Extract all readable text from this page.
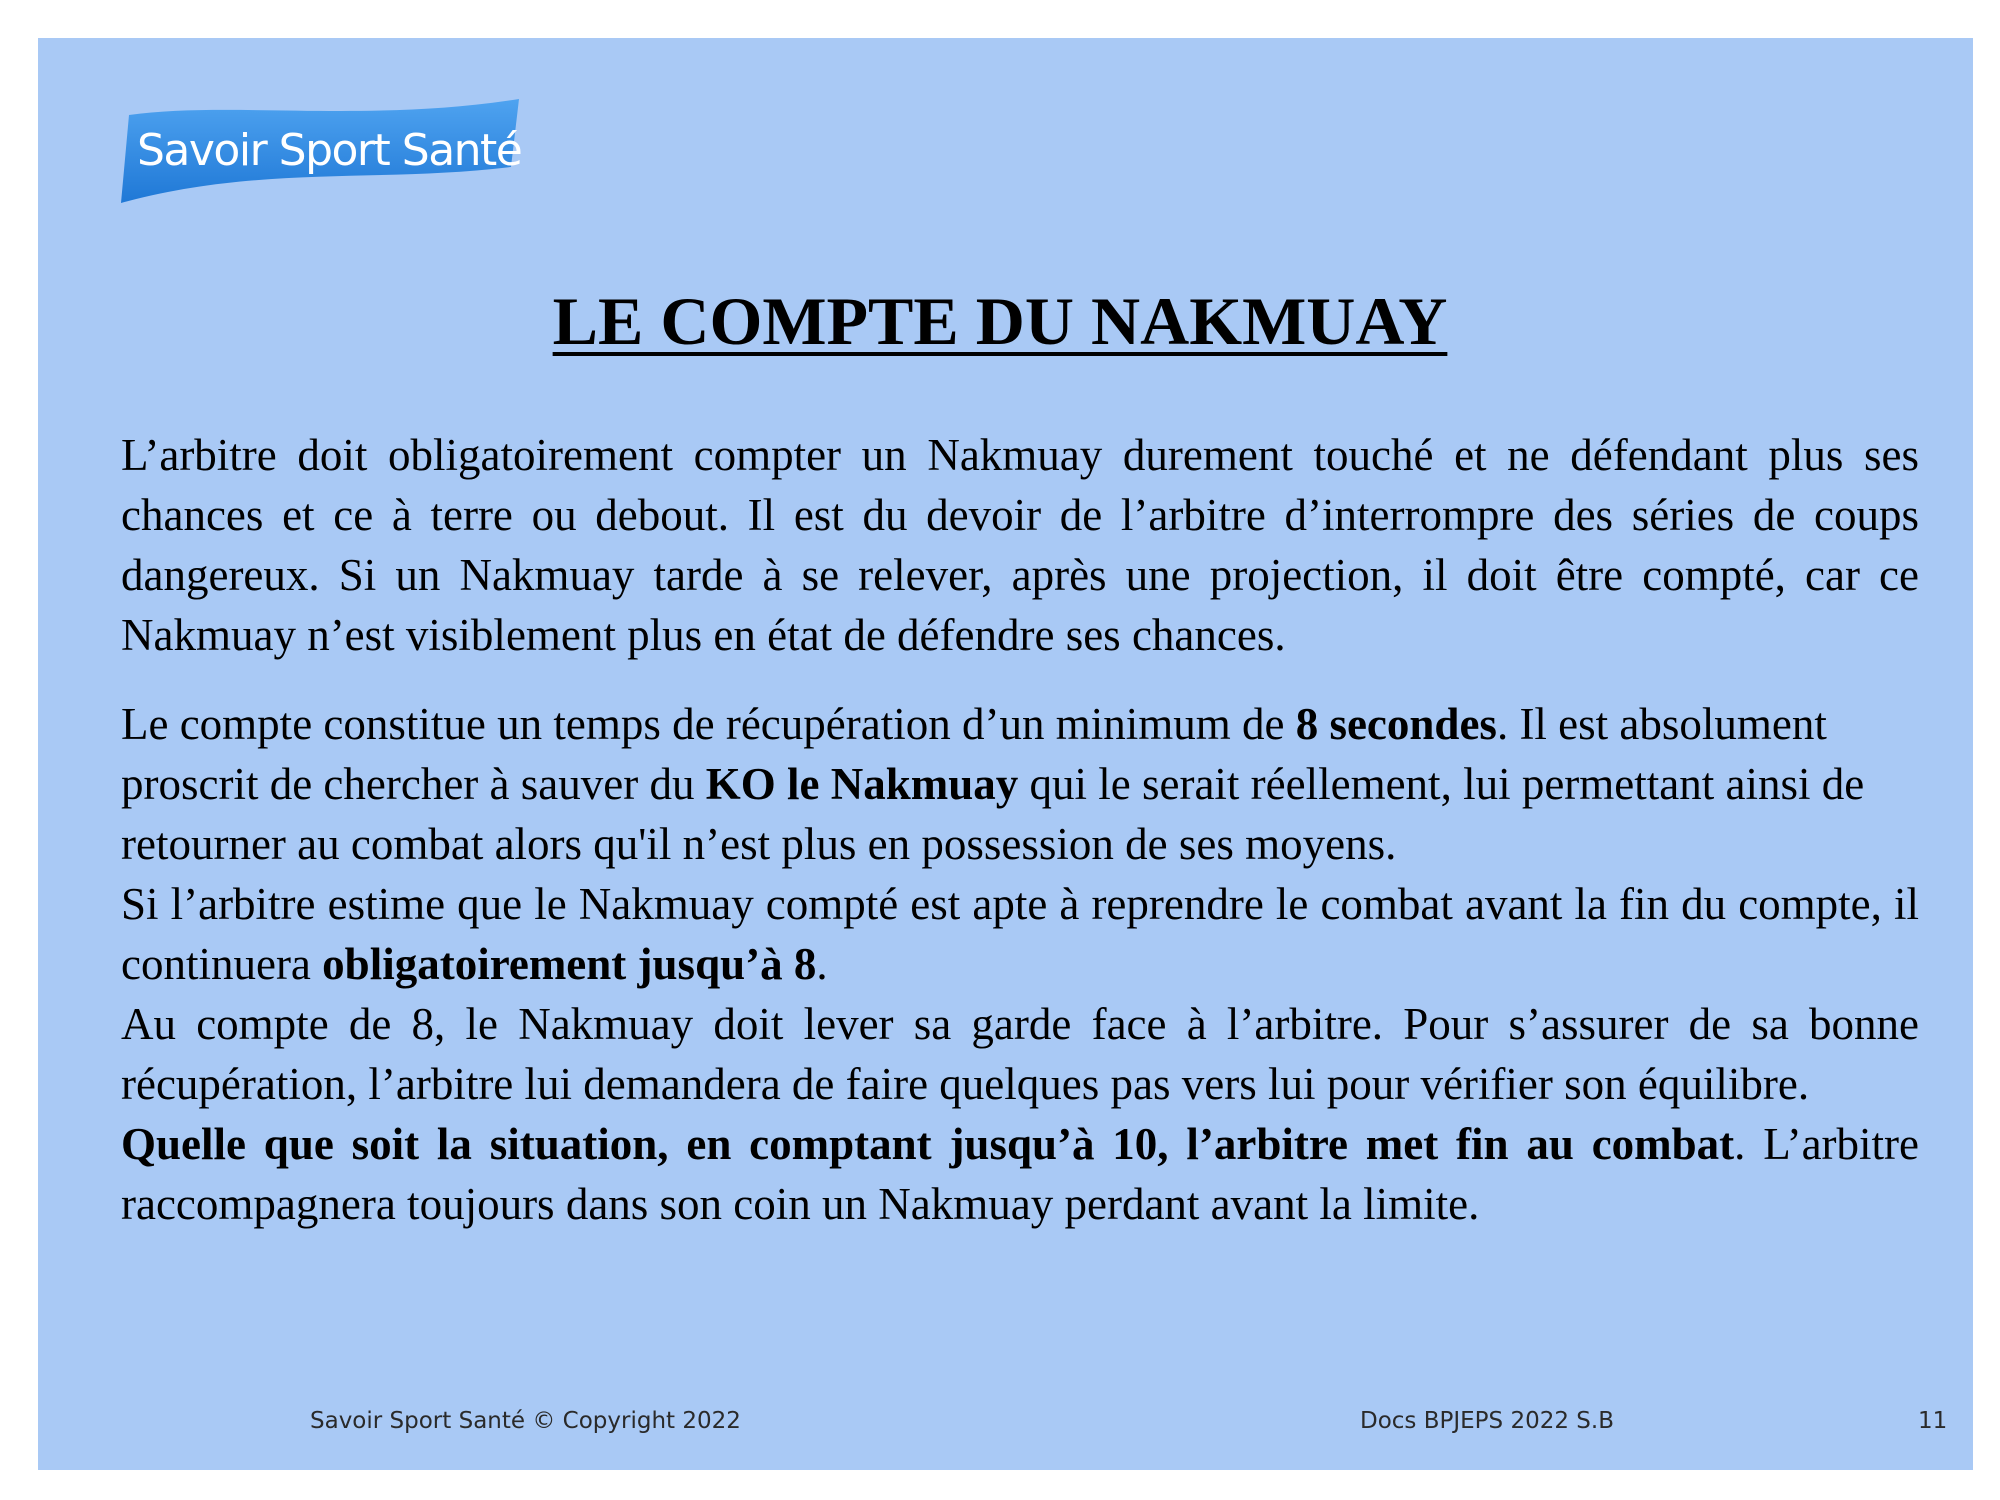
Savoir Sport Santé
LE COMPTE DU NAKMUAY

L’arbitre doit obligatoirement compter un Nakmuay durement touché et ne défendant plus ses chances et ce à terre ou debout. Il est du devoir de l’arbitre d’interrompre des séries de coups dangereux. Si un Nakmuay tarde à se relever, après une projection, il doit être compté, car ce Nakmuay n’est visiblement plus en état de défendre ses chances.

Le compte constitue un temps de récupération d’un minimum de 8 secondes. Il est absolument proscrit de chercher à sauver du KO le Nakmuay qui le serait réellement, lui permettant ainsi de retourner au combat alors qu'il n’est plus en possession de ses moyens.

Si l’arbitre estime que le Nakmuay compté est apte à reprendre le combat avant la fin du compte, il continuera obligatoirement jusqu’à 8.

Au compte de 8, le Nakmuay doit lever sa garde face à l’arbitre. Pour s’assurer de sa bonne récupération, l’arbitre lui demandera de faire quelques pas vers lui pour vérifier son équilibre.

Quelle que soit la situation, en comptant jusqu’à 10, l’arbitre met fin au combat. L’arbitre raccompagnera toujours dans son coin un Nakmuay perdant avant la limite.

Savoir Sport Santé © Copyright 2022	Docs BPJEPS 2022 S.B	11
